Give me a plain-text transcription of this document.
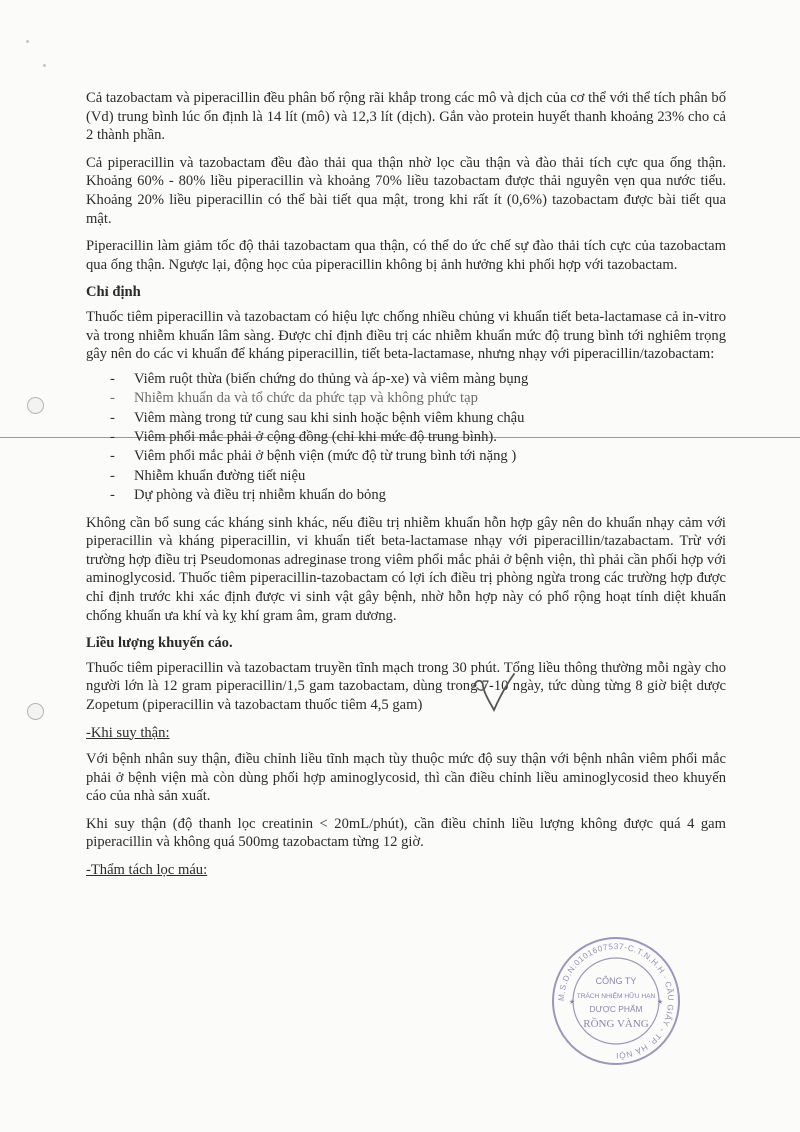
Cả tazobactam và piperacillin đều phân bố rộng rãi khắp trong các mô và dịch của cơ thể với thể tích phân bố (Vd) trung bình lúc ổn định là 14 lít (mô) và 12,3 lít (dịch). Gắn vào protein huyết thanh khoảng 23% cho cả 2 thành phần.

Cả piperacillin và tazobactam đều đào thải qua thận nhờ lọc cầu thận và đào thải tích cực qua ống thận. Khoảng 60% - 80% liều piperacillin và khoảng 70% liều tazobactam được thải nguyên vẹn qua nước tiểu. Khoảng 20% liều piperacillin có thể bài tiết qua mật, trong khi rất ít (0,6%) tazobactam được bài tiết qua mật.

Piperacillin làm giảm tốc độ thải tazobactam qua thận, có thể do ức chế sự đào thải tích cực của tazobactam qua ống thận. Ngược lại, động học của piperacillin không bị ảnh hưởng khi phối hợp với tazobactam.

Chỉ định

Thuốc tiêm piperacillin và tazobactam có hiệu lực chống nhiều chủng vi khuẩn tiết beta-lactamase cả in-vitro và trong nhiễm khuẩn lâm sàng. Được chỉ định điều trị các nhiễm khuẩn mức độ trung bình tới nghiêm trọng gây nên do các vi khuẩn để kháng piperacillin, tiết beta-lactamase, nhưng nhạy với piperacillin/tazobactam:

- Viêm ruột thừa (biến chứng do thủng và áp-xe) và viêm màng bụng
- Nhiễm khuẩn da và tổ chức da phức tạp và không phức tạp
- Viêm màng trong tử cung sau khi sinh hoặc bệnh viêm khung chậu
- Viêm phổi mắc phải ở cộng đồng (chỉ khi mức độ trung bình).
- Viêm phổi mắc phải ở bệnh viện (mức độ từ trung bình tới nặng )
- Nhiễm khuẩn đường tiết niệu
- Dự phòng và điều trị nhiễm khuẩn do bỏng

Không cần bổ sung các kháng sinh khác, nếu điều trị nhiễm khuẩn hỗn hợp gây nên do khuẩn nhạy cảm với piperacillin và kháng piperacillin, vi khuẩn tiết beta-lactamase nhạy với piperacillin/tazabactam. Trừ với trường hợp điều trị Pseudomonas adreginase trong viêm phổi mắc phải ở bệnh viện, thì phải cần phối hợp với aminoglycosid. Thuốc tiêm piperacillin-tazobactam có lợi ích điều trị phòng ngừa trong các trường hợp được chỉ định trước khi xác định được vi sinh vật gây bệnh, nhờ hỗn hợp này có phổ rộng hoạt tính diệt khuẩn chống khuẩn ưa khí và kỵ khí gram âm, gram dương.

Liều lượng khuyến cáo.

Thuốc tiêm piperacillin và tazobactam truyền tĩnh mạch trong 30 phút. Tổng liều thông thường mỗi ngày cho người lớn là 12 gram piperacillin/1,5 gam tazobactam, dùng trong 7-10 ngày, tức dùng từng 8 giờ biệt dược Zopetum (piperacillin và tazobactam thuốc tiêm 4,5 gam)

-Khi suy thận:

Với bệnh nhân suy thận, điều chỉnh liều tĩnh mạch tùy thuộc mức độ suy thận với bệnh nhân viêm phổi mắc phải ở bệnh viện mà còn dùng phối hợp aminoglycosid, thì cần điều chỉnh liều aminoglycosid theo khuyến cáo của nhà sản xuất.

Khi suy thận (độ thanh lọc creatinin < 20mL/phút), cần điều chỉnh liều lượng không được quá 4 gam piperacillin và không quá 500mg tazobactam từng 12 giờ.

-Thẩm tách lọc máu:
M.S.D.N:0101607537-C.T.N.H.H · CẦU GIẤY - TP. HÀ NỘI
CÔNG TY
TRÁCH NHIỆM HỮU HẠN
DƯỢC PHẨM
RỒNG VÀNG
★	★
